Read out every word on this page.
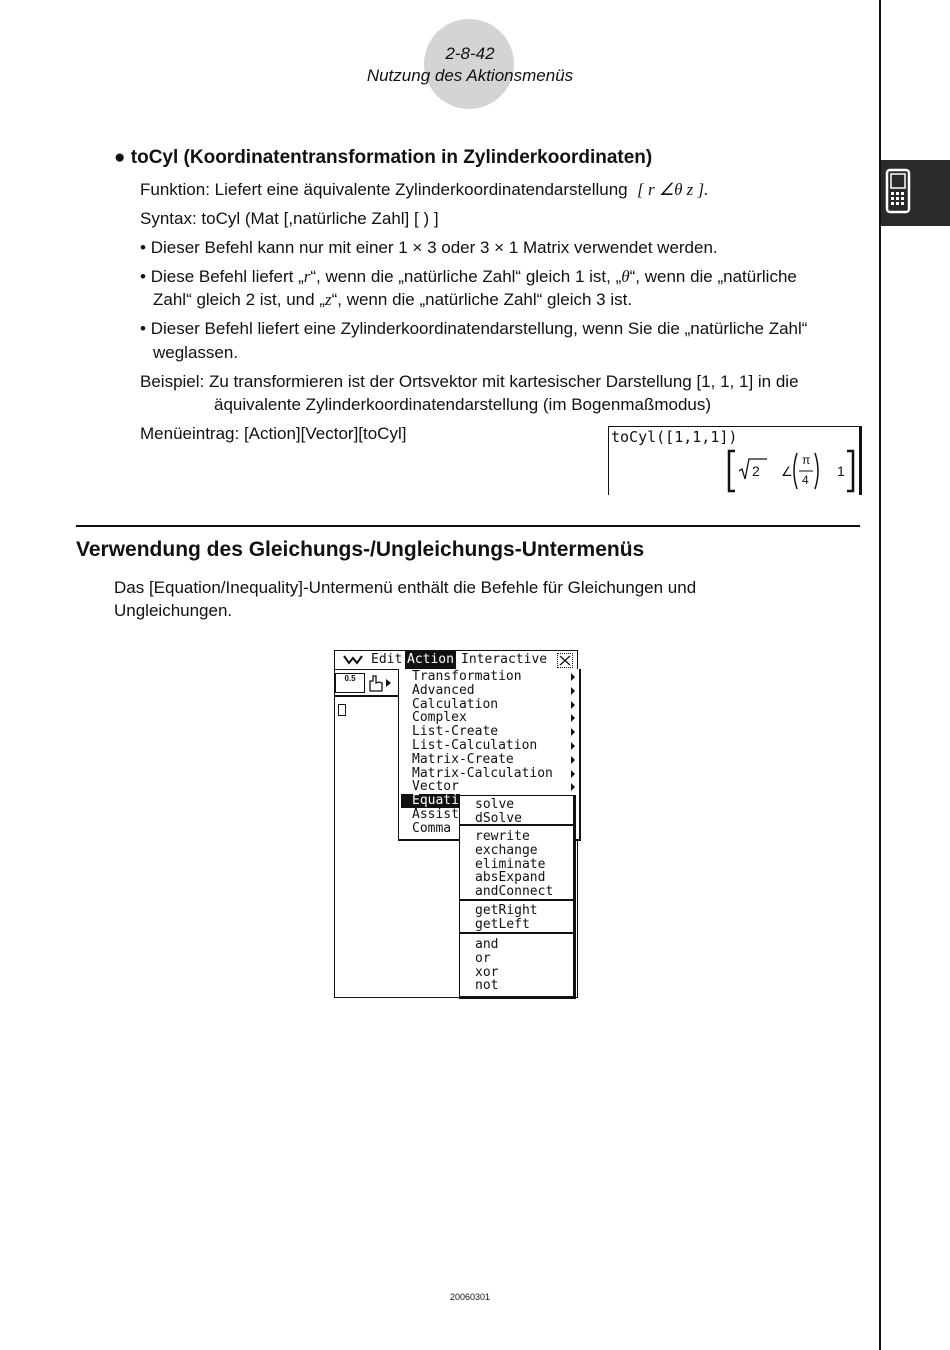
2-8-42
Nutzung des Aktionsmenüs
● toCyl (Koordinatentransformation in Zylinderkoordinaten)
Funktion: Liefert eine äquivalente Zylinderkoordinatendarstellung [ r ∠θ z ].
Syntax: toCyl (Mat [,natürliche Zahl] [ ) ]
• Dieser Befehl kann nur mit einer 1 × 3 oder 3 × 1 Matrix verwendet werden.
• Diese Befehl liefert „r“, wenn die „natürliche Zahl“ gleich 1 ist, „θ“, wenn die „natürliche
Zahl“ gleich 2 ist, und „z“, wenn die „natürliche Zahl“ gleich 3 ist.
• Dieser Befehl liefert eine Zylinderkoordinatendarstellung, wenn Sie die „natürliche Zahl“
weglassen.
Beispiel: Zu transformieren ist der Ortsvektor mit kartesischer Darstellung [1, 1, 1] in die
äquivalente Zylinderkoordinatendarstellung (im Bogenmaßmodus)
Menüeintrag: [Action][Vector][toCyl]	toCyl([1,1,1])
2 ∠
π
4
1
Verwendung des Gleichungs-/Ungleichungs-Untermenüs
Das [Equation/Inequality]-Untermenü enthält die Befehle für Gleichungen und
Ungleichungen.
Edit Action Interactive
0.5	Transformation
Advanced
Calculation
Complex
List-Create
List-Calculation
Matrix-Create
Matrix-Calculation
Vector
Equati
Assist
Comma
solve
dSolve
rewrite
exchange
eliminate
absExpand
andConnect
getRight
getLeft
and
or
xor
not
20060301
